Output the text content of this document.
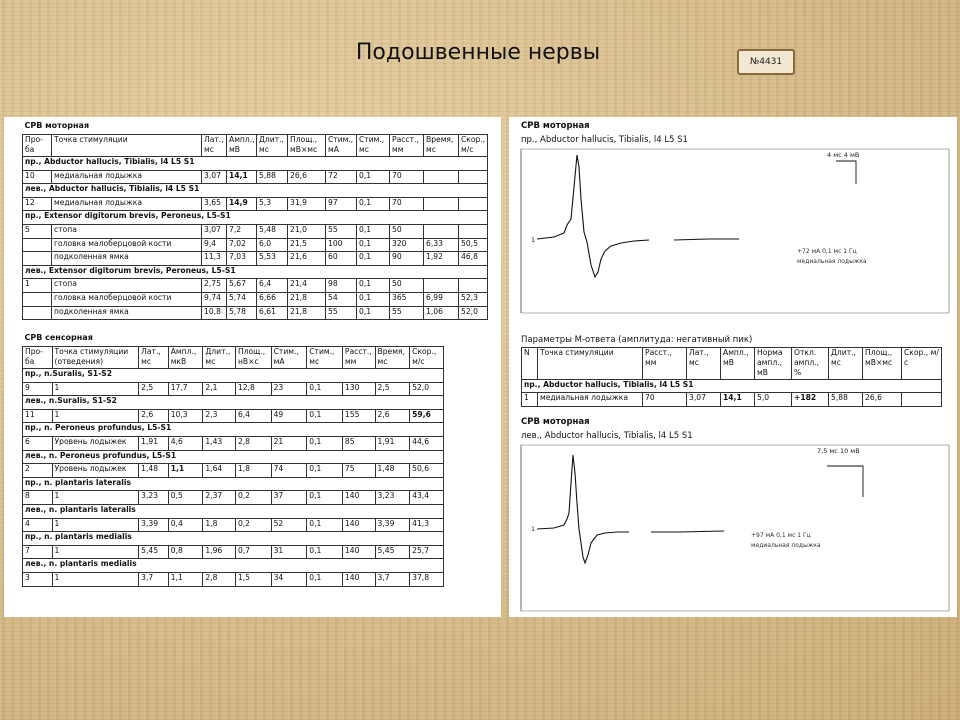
Подошвенные нервы	№4431
СРВ моторная										
Про-ба	Точка стимуляции	Лат., мс	Ампл., мВ	Длит., мс	Площ., мВ×мс	Стим., мА	Стим., мс	Расст., мм	Время, мс	Скор., м/с
пр., Abductor hallucis, Tibialis, l4 L5 S1										
10	медиальная лодыжка	3,07	14,1	5,88	26,6	72	0,1	70		
лев., Abductor hallucis, Tibialis, l4 L5 S1										
12	медиальная лодыжка	3,65	14,9	5,3	31,9	97	0,1	70		
пр., Extensor digitorum brevis, Peroneus, L5-S1										
5	стопа	3,07	7,2	5,48	21,0	55	0,1	50		
	головка малоберцовой кости	9,4	7,02	6,0	21,5	100	0,1	320	6,33	50,5
	подколенная ямка	11,3	7,03	5,53	21,6	60	0,1	90	1,92	46,8
лев., Extensor digitorum brevis, Peroneus, L5-S1										
1	стопа	2,75	5,67	6,4	21,4	98	0,1	50		
	головка малоберцовой кости	9,74	5,74	6,66	21,8	54	0,1	365	6,99	52,3
	подколенная ямка	10,8	5,78	6,61	21,8	55	0,1	55	1,06	52,0
СРВ сенсорная										
Про-ба	Точка стимуляции (отведения)	Лат., мс	Ампл., мкВ	Длит., мс	Площ., нВ×с	Стим., мА	Стим., мс	Расст., мм	Время, мс	Скор., м/с
пр., n.Suralis, S1-S2										
9	1	2,5	17,7	2,1	12,8	23	0,1	130	2,5	52,0
лев., n.Suralis, S1-S2										
11	1	2,6	10,3	2,3	6,4	49	0,1	155	2,6	59,6
пр., n. Peroneus profundus, L5-S1										
6	Уровень лодыжек	1,91	4,6	1,43	2,8	21	0,1	85	1,91	44,6
лев., n. Peroneus profundus, L5-S1										
2	Уровень лодыжек	1,48	1,1	1,64	1,8	74	0,1	75	1,48	50,6
пр., n. plantaris lateralis										
8	1	3,23	0,5	2,37	0,2	37	0,1	140	3,23	43,4
лев., n. plantaris lateralis										
4	1	3,39	0,4	1,8	0,2	52	0,1	140	3,39	41,3
пр., n. plantaris medialis										
7	1	5,45	0,8	1,96	0,7	31	0,1	140	5,45	25,7
лев., n. plantaris medialis										
3	1	3,7	1,1	2,8	1,5	34	0,1	140	3,7	37,8
СРВ моторная
пр., Abductor hallucis, Tibialis, l4 L5 S1
4 мс 4 мВ
1
+72 мА 0,1 мс 1 Гц
медиальная лодыжка
Параметры М-ответа (амплитуда: негативный пик)
N	Точка стимуляции	Расст., мм	Лат., мс	Ампл., мВ	Норма ампл., мВ	Откл. ампл., %	Длит., мс	Площ., мВ×мс	Скор., м/с
пр., Abductor hallucis, Tibialis, l4 L5 S1									
1	медиальная лодыжка	70	3,07	14,1	5,0	+182	5,88	26,6	
СРВ моторная
лев., Abductor hallucis, Tibialis, l4 L5 S1
7,5 мс 10 мВ
1
+97 мА 0,1 мс 1 Гц
медиальная лодыжка
